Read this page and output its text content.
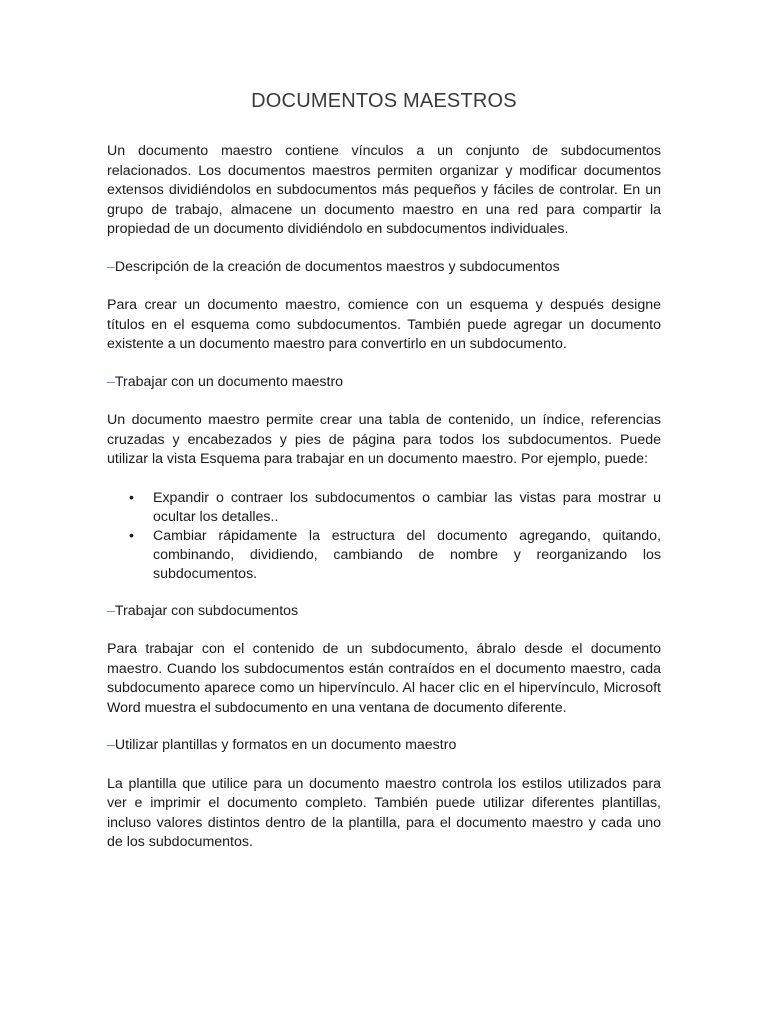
DOCUMENTOS MAESTROS

Un documento maestro contiene vínculos a un conjunto de subdocumentos relacionados. Los documentos maestros permiten organizar y modificar documentos extensos dividiéndolos en subdocumentos más pequeños y fáciles de controlar. En un grupo de trabajo, almacene un documento maestro en una red para compartir la propiedad de un documento dividiéndolo en subdocumentos individuales.

–Descripción de la creación de documentos maestros y subdocumentos

Para crear un documento maestro, comience con un esquema y después designe títulos en el esquema como subdocumentos. También puede agregar un documento existente a un documento maestro para convertirlo en un subdocumento.

–Trabajar con un documento maestro

Un documento maestro permite crear una tabla de contenido, un índice, referencias cruzadas y encabezados y pies de página para todos los subdocumentos. Puede utilizar la vista Esquema para trabajar en un documento maestro. Por ejemplo, puede:

• Expandir o contraer los subdocumentos o cambiar las vistas para mostrar u ocultar los detalles..
• Cambiar rápidamente la estructura del documento agregando, quitando, combinando, dividiendo, cambiando de nombre y reorganizando los subdocumentos.
–Trabajar con subdocumentos

Para trabajar con el contenido de un subdocumento, ábralo desde el documento maestro. Cuando los subdocumentos están contraídos en el documento maestro, cada subdocumento aparece como un hipervínculo. Al hacer clic en el hipervínculo, Microsoft Word muestra el subdocumento en una ventana de documento diferente.

–Utilizar plantillas y formatos en un documento maestro

La plantilla que utilice para un documento maestro controla los estilos utilizados para ver e imprimir el documento completo. También puede utilizar diferentes plantillas, incluso valores distintos dentro de la plantilla, para el documento maestro y cada uno de los subdocumentos.
